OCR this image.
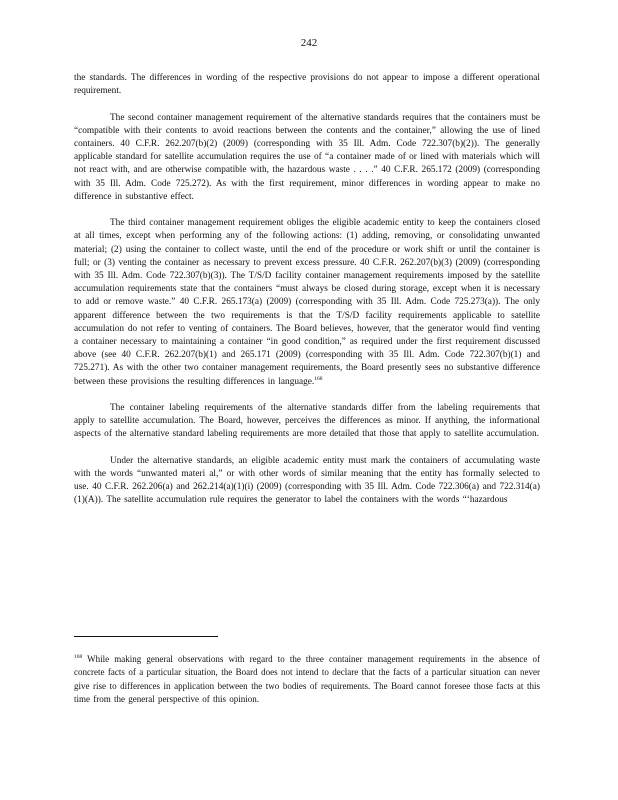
242

the standards. The differences in wording of the respective provisions do not appear to impose a different operational requirement.

The second container management requirement of the alternative standards requires that the containers must be “compatible with their contents to avoid reactions between the contents and the container,” allowing the use of lined containers. 40 C.F.R. 262.207(b)(2) (2009) (corresponding with 35 Ill. Adm. Code 722.307(b)(2)). The generally applicable standard for satellite accumulation requires the use of “a container made of or lined with materials which will not react with, and are otherwise compatible with, the hazardous waste . . . .” 40 C.F.R. 265.172 (2009) (corresponding with 35 Ill. Adm. Code 725.272). As with the first requirement, minor differences in wording appear to make no difference in substantive effect.

The third container management requirement obliges the eligible academic entity to keep the containers closed at all times, except when performing any of the following actions: (1) adding, removing, or consolidating unwanted material; (2) using the container to collect waste, until the end of the procedure or work shift or until the container is full; or (3) venting the container as necessary to prevent excess pressure. 40 C.F.R. 262.207(b)(3) (2009) (corresponding with 35 Ill. Adm. Code 722.307(b)(3)). The T/S/D facility container management requirements imposed by the satellite accumulation requirements state that the containers “must always be closed during storage, except when it is necessary to add or remove waste.” 40 C.F.R. 265.173(a) (2009) (corresponding with 35 Ill. Adm. Code 725.273(a)). The only apparent difference between the two requirements is that the T/S/D facility requirements applicable to satellite accumulation do not refer to venting of containers. The Board believes, however, that the generator would find venting a container necessary to maintaining a container “in good condition,” as required under the first requirement discussed above (see 40 C.F.R. 262.207(b)(1) and 265.171 (2009) (corresponding with 35 Ill. Adm. Code 722.307(b)(1) and 725.271). As with the other two container management requirements, the Board presently sees no substantive difference between these provisions the resulting differences in language.$^{168}$

The container labeling requirements of the alternative standards differ from the labeling requirements that apply to satellite accumulation. The Board, however, perceives the differences as minor. If anything, the informational aspects of the alternative standard labeling requirements are more detailed that those that apply to satellite accumulation.

Under the alternative standards, an eligible academic entity must mark the containers of accumulating waste with the words “unwanted materi al,” or with other words of similar meaning that the entity has formally selected to use. 40 C.F.R. 262.206(a) and 262.214(a)(1)(i) (2009) (corresponding with 35 Ill. Adm. Code 722.306(a) and 722.314(a)(1)(A)). The satellite accumulation rule requires the generator to label the containers with the words “‘hazardous

$^{168}$ While making general observations with regard to the three container management requirements in the absence of concrete facts of a particular situation, the Board does not intend to declare that the facts of a particular situation can never give rise to differences in application between the two bodies of requirements. The Board cannot foresee those facts at this time from the general perspective of this opinion.
